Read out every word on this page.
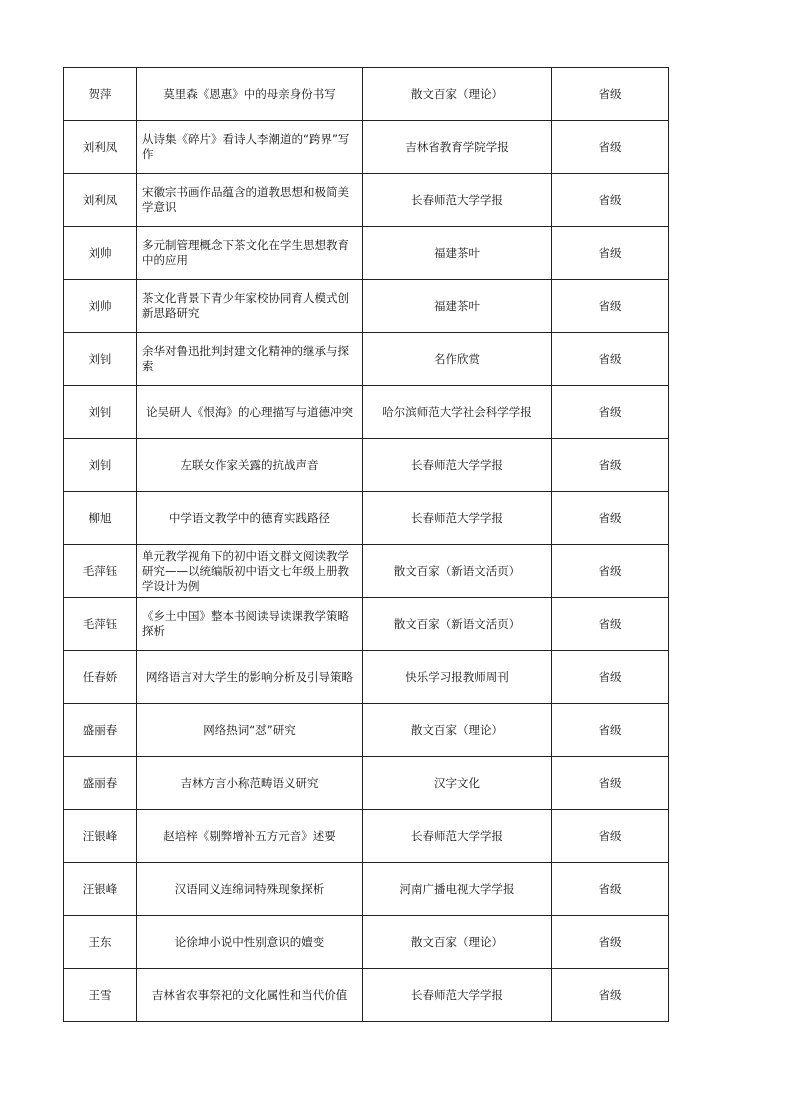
贺萍	莫里森《恩惠》中的母亲身份书写	散文百家（理论）	省级
刘利凤	从诗集《碎片》看诗人李潮道的“跨界”写作	吉林省教育学院学报	省级
刘利凤	宋徽宗书画作品蕴含的道教思想和极简美学意识	长春师范大学学报	省级
刘帅	多元制管理概念下茶文化在学生思想教育中的应用	福建茶叶	省级
刘帅	茶文化背景下青少年家校协同育人模式创新思路研究	福建茶叶	省级
刘钊	余华对鲁迅批判封建文化精神的继承与探索	名作欣赏	省级
刘钊	论吴研人《恨海》的心理描写与道德冲突	哈尔滨师范大学社会科学学报	省级
刘钊	左联女作家关露的抗战声音	长春师范大学学报	省级
柳旭	中学语文教学中的德育实践路径	长春师范大学学报	省级
毛萍钰	单元教学视角下的初中语文群文阅读教学研究——以统编版初中语文七年级上册教学设计为例	散文百家（新语文活页）	省级
毛萍钰	《乡土中国》整本书阅读导读课教学策略探析	散文百家（新语文活页）	省级
任春娇	网络语言对大学生的影响分析及引导策略	快乐学习报教师周刊	省级
盛丽春	网络热词“怼”研究	散文百家（理论）	省级
盛丽春	吉林方言小称范畴语义研究	汉字文化	省级
汪银峰	赵培梓《剔弊增补五方元音》述要	长春师范大学学报	省级
汪银峰	汉语同义连绵词特殊现象探析	河南广播电视大学学报	省级
王东	论徐坤小说中性别意识的嬗变	散文百家（理论）	省级
王雪	吉林省农事祭祀的文化属性和当代价值	长春师范大学学报	省级
